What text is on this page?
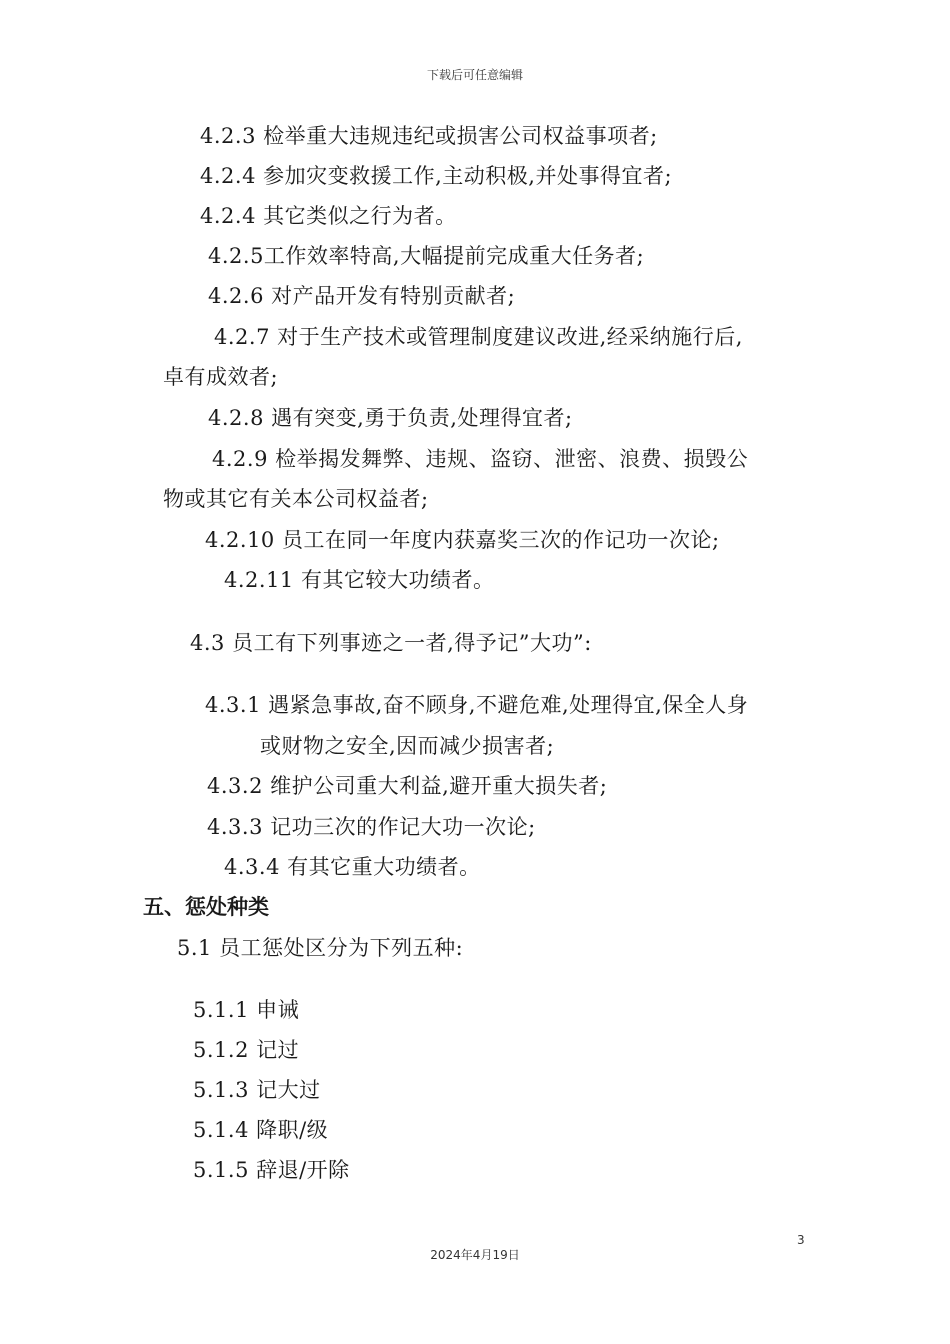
下载后可任意编辑
4.2.3 检举重大违规违纪或损害公司权益事项者;
4.2.4 参加灾变救援工作,主动积极,并处事得宜者;
4.2.4 其它类似之行为者。
4.2.5工作效率特高,大幅提前完成重大任务者;
4.2.6 对产品开发有特别贡献者;
4.2.7 对于生产技术或管理制度建议改进,经采纳施行后,
卓有成效者;
4.2.8 遇有突变,勇于负责,处理得宜者;
4.2.9 检举揭发舞弊、违规、盗窃、泄密、浪费、损毁公
物或其它有关本公司权益者;
4.2.10 员工在同一年度内获嘉奖三次的作记功一次论;
4.2.11 有其它较大功绩者。
4.3 员工有下列事迹之一者,得予记”大功”:
4.3.1 遇紧急事故,奋不顾身,不避危难,处理得宜,保全人身
或财物之安全,因而减少损害者;
4.3.2 维护公司重大利益,避开重大损失者;
4.3.3 记功三次的作记大功一次论;
4.3.4 有其它重大功绩者。
五、惩处种类
5.1 员工惩处区分为下列五种:
5.1.1 申诫
5.1.2 记过
5.1.3 记大过
5.1.4 降职/级
5.1.5 辞退/开除
3
2024年4月19日
